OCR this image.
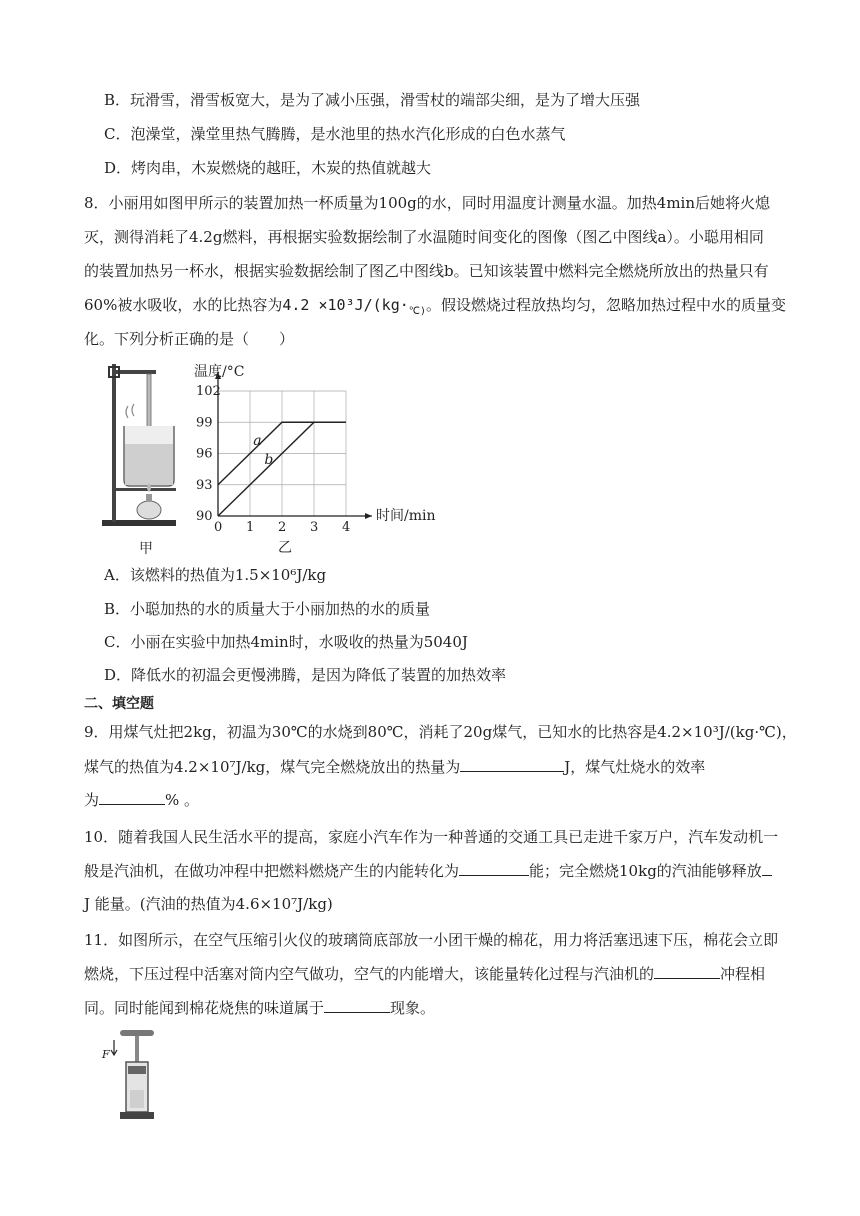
B．玩滑雪，滑雪板宽大，是为了减小压强，滑雪杖的端部尖细，是为了增大压强
C．泡澡堂，澡堂里热气腾腾，是水池里的热水汽化形成的白色水蒸气
D．烤肉串，木炭燃烧的越旺，木炭的热值就越大
8．小丽用如图甲所示的装置加热一杯质量为100g的水，同时用温度计测量水温。加热4min后她将火熄
灭，测得消耗了4.2g燃料，再根据实验数据绘制了水温随时间变化的图像（图乙中图线a）。小聪用相同
的装置加热另一杯水，根据实验数据绘制了图乙中图线b。已知该装置中燃料完全燃烧所放出的热量只有
60%被水吸收，水的比热容为$4.2 \times 10^3J/(kg\cdot_{℃)}$。假设燃烧过程放热均匀，忽略加热过程中水的质量变
化。下列分析正确的是（　　）
甲
0 1 2 3 4
90
93
96
99
102
a
b
温度/°C
时间/min
乙
A．该燃料的热值为1.5×10⁶J/kg
B．小聪加热的水的质量大于小丽加热的水的质量
C．小丽在实验中加热4min时，水吸收的热量为5040J
D．降低水的初温会更慢沸腾，是因为降低了装置的加热效率
二、填空题
9．用煤气灶把2kg，初温为30℃的水烧到80℃，消耗了20g煤气，已知水的比热容是4.2×10³J/(kg·℃)，
煤气的热值为4.2×10⁷J/kg，煤气完全燃烧放出的热量为	J，煤气灶烧水的效率
为	% 。
10．随着我国人民生活水平的提高，家庭小汽车作为一种普通的交通工具已走进千家万户，汽车发动机一
般是汽油机，在做功冲程中把燃料燃烧产生的内能转化为	能；完全燃烧10kg的汽油能够释放
J 能量。(汽油的热值为4.6×10⁷J/kg)
11．如图所示，在空气压缩引火仪的玻璃筒底部放一小团干燥的棉花，用力将活塞迅速下压，棉花会立即
燃烧，下压过程中活塞对筒内空气做功，空气的内能增大，该能量转化过程与汽油机的	冲程相
同。同时能闻到棉花烧焦的味道属于	现象。
F
